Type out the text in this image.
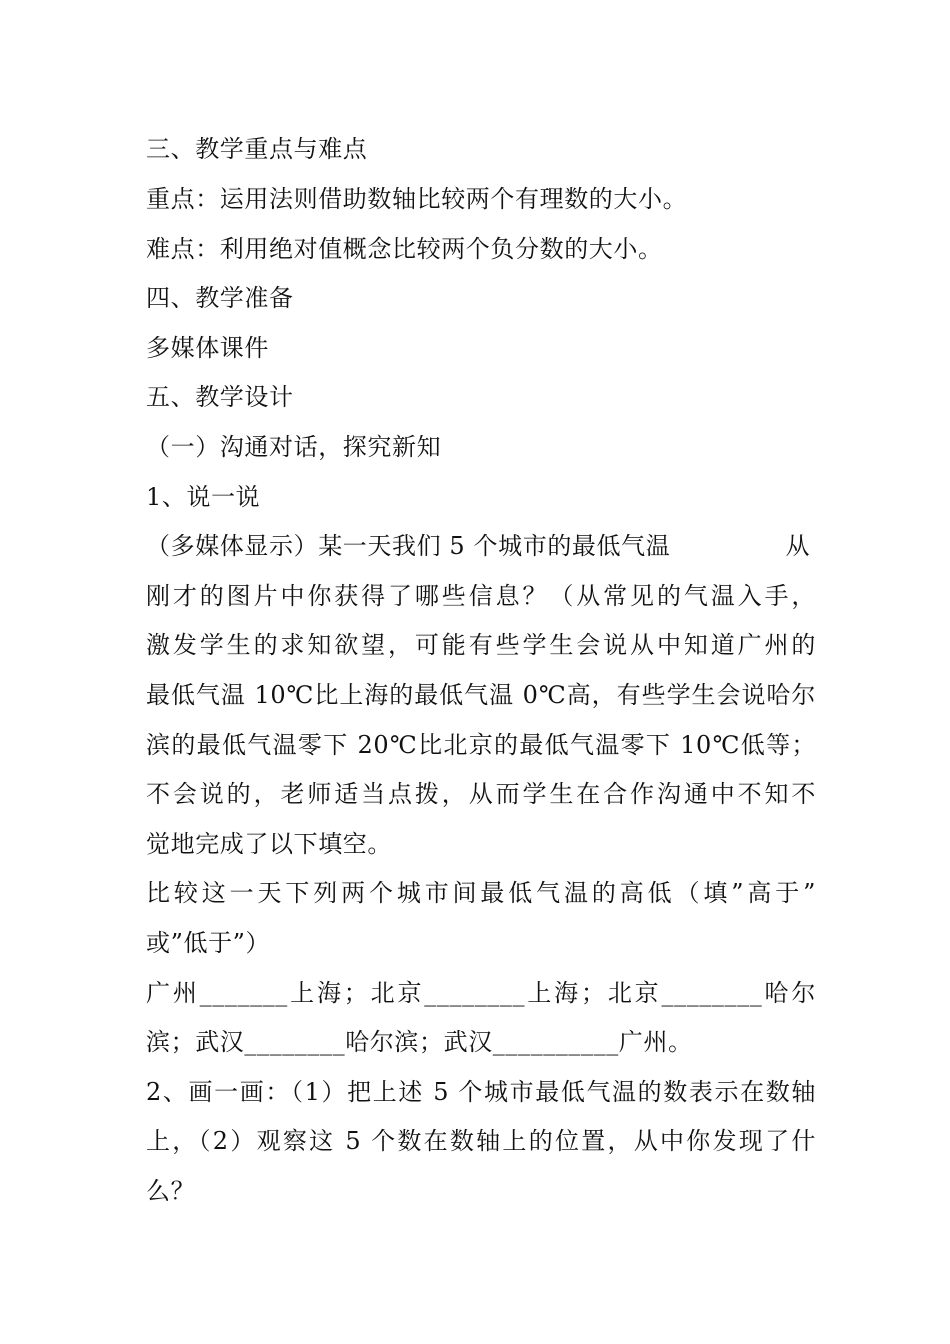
三、教学重点与难点
重点：运用法则借助数轴比较两个有理数的大小。
难点：利用绝对值概念比较两个负分数的大小。
四、教学准备
多媒体课件
五、教学设计
（一）沟通对话，探究新知
1、说一说
（多媒体显示）某一天我们 5 个城市的最低气温              从
刚才的图片中你获得了哪些信息？（从常见的气温入手，
激发学生的求知欲望，可能有些学生会说从中知道广州的
最低气温 10℃比上海的最低气温 0℃高，有些学生会说哈尔
滨的最低气温零下 20℃比北京的最低气温零下 10℃低等；
不会说的，老师适当点拨，从而学生在合作沟通中不知不
觉地完成了以下填空。
比较这一天下列两个城市间最低气温的高低（填”高于”
或”低于”）
广州_______上海；北京________上海；北京________哈尔
滨；武汉________哈尔滨；武汉__________广州。
2、画一画：（1）把上述 5 个城市最低气温的数表示在数轴
上，（2）观察这 5 个数在数轴上的位置，从中你发现了什
么？
